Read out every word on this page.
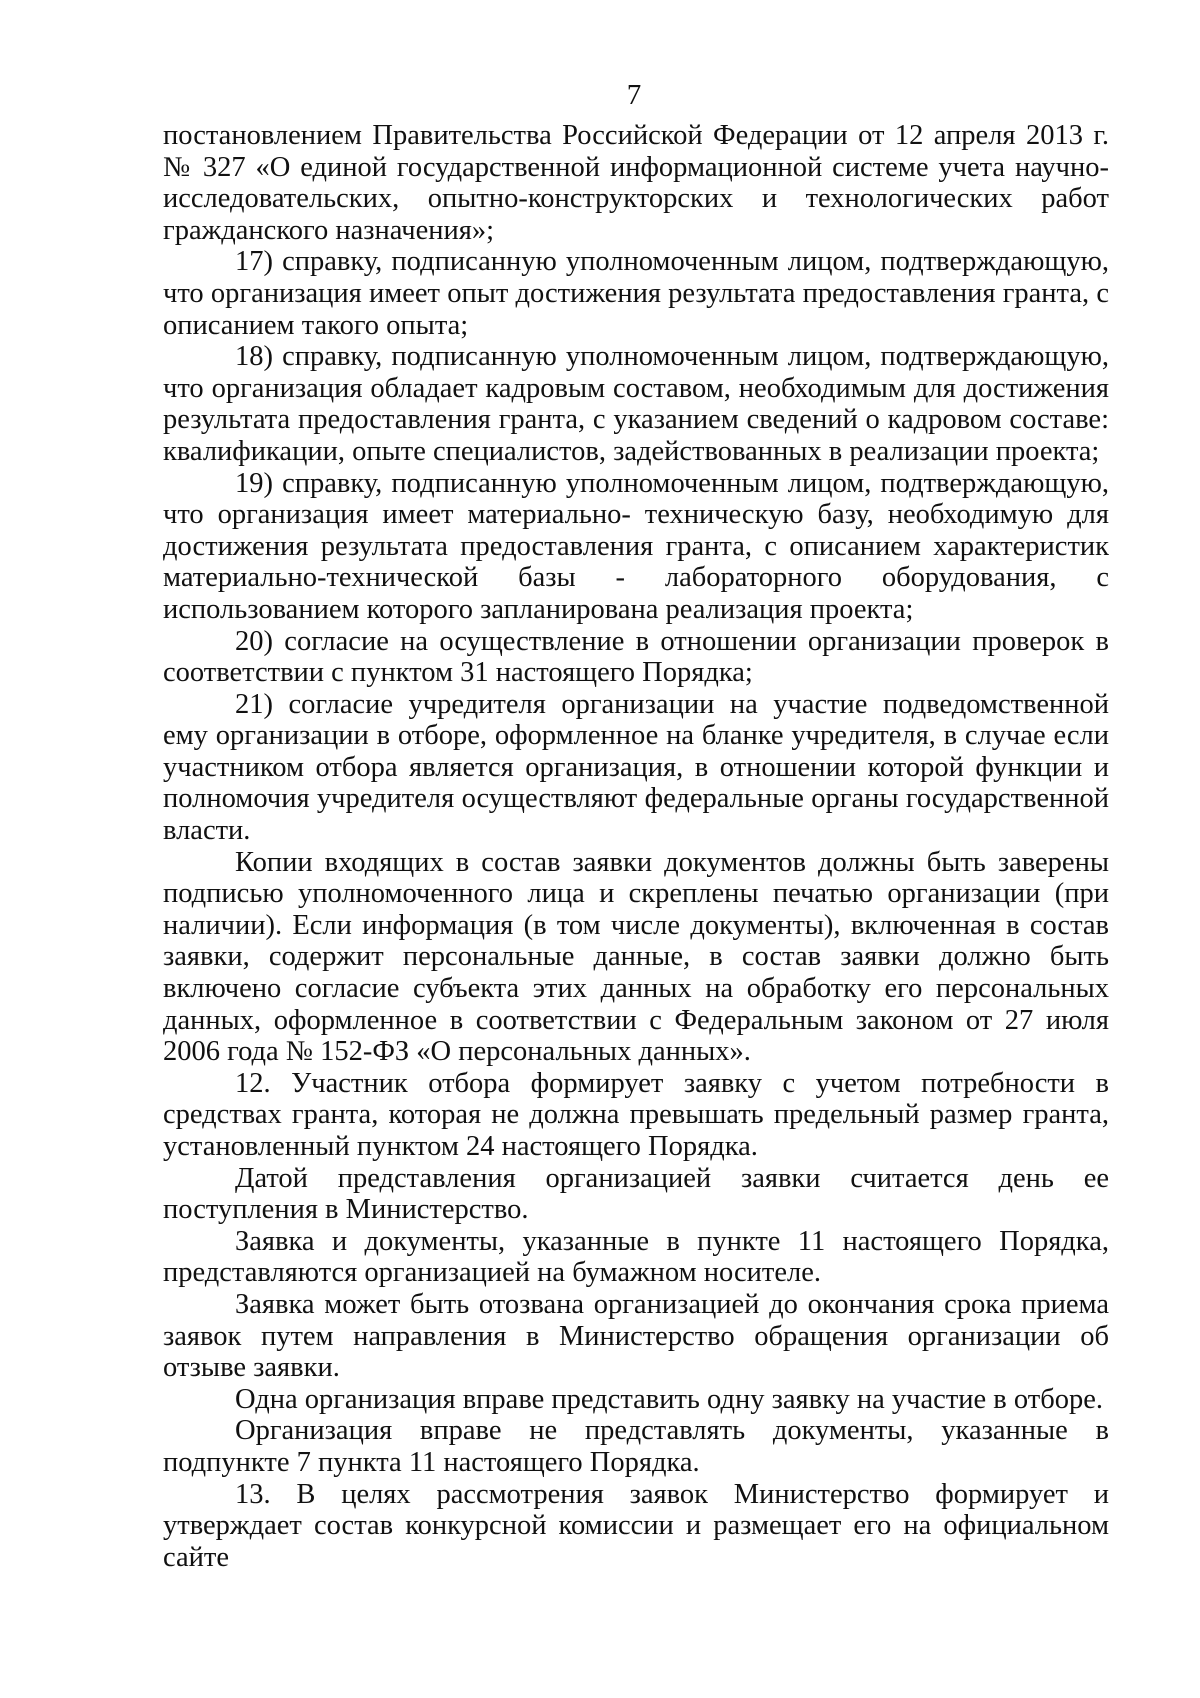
7

постановлением Правительства Российской Федерации от 12 апреля 2013 г. № 327 «О единой государственной информационной системе учета научно-исследовательских, опытно-конструкторских и технологических работ гражданского назначения»;

17) справку, подписанную уполномоченным лицом, подтверждающую, что организация имеет опыт достижения результата предоставления гранта, с описанием такого опыта;

18) справку, подписанную уполномоченным лицом, подтверждающую, что организация обладает кадровым составом, необходимым для достижения результата предоставления гранта, с указанием сведений о кадровом составе: квалификации, опыте специалистов, задействованных в реализации проекта;

19) справку, подписанную уполномоченным лицом, подтверждающую, что организация имеет материально- техническую базу, необходимую для достижения результата предоставления гранта, с описанием характеристик материально-технической базы - лабораторного оборудования, с использованием которого запланирована реализация проекта;

20) согласие на осуществление в отношении организации проверок в соответствии с пунктом 31 настоящего Порядка;

21) согласие учредителя организации на участие подведомственной ему организации в отборе, оформленное на бланке учредителя, в случае если участником отбора является организация, в отношении которой функции и полномочия учредителя осуществляют федеральные органы государственной власти.

Копии входящих в состав заявки документов должны быть заверены подписью уполномоченного лица и скреплены печатью организации (при наличии). Если информация (в том числе документы), включенная в состав заявки, содержит персональные данные, в состав заявки должно быть включено согласие субъекта этих данных на обработку его персональных данных, оформленное в соответствии с Федеральным законом от 27 июля 2006 года № 152-ФЗ «О персональных данных».

12. Участник отбора формирует заявку с учетом потребности в средствах гранта, которая не должна превышать предельный размер гранта, установленный пунктом 24 настоящего Порядка.

Датой представления организацией заявки считается день ее поступления в Министерство.

Заявка и документы, указанные в пункте 11 настоящего Порядка, представляются организацией на бумажном носителе.

Заявка может быть отозвана организацией до окончания срока приема заявок путем направления в Министерство обращения организации об отзыве заявки.

Одна организация вправе представить одну заявку на участие в отборе.

Организация вправе не представлять документы, указанные в подпункте 7 пункта 11 настоящего Порядка.

13. В целях рассмотрения заявок Министерство формирует и утверждает состав конкурсной комиссии и размещает его на официальном сайте
